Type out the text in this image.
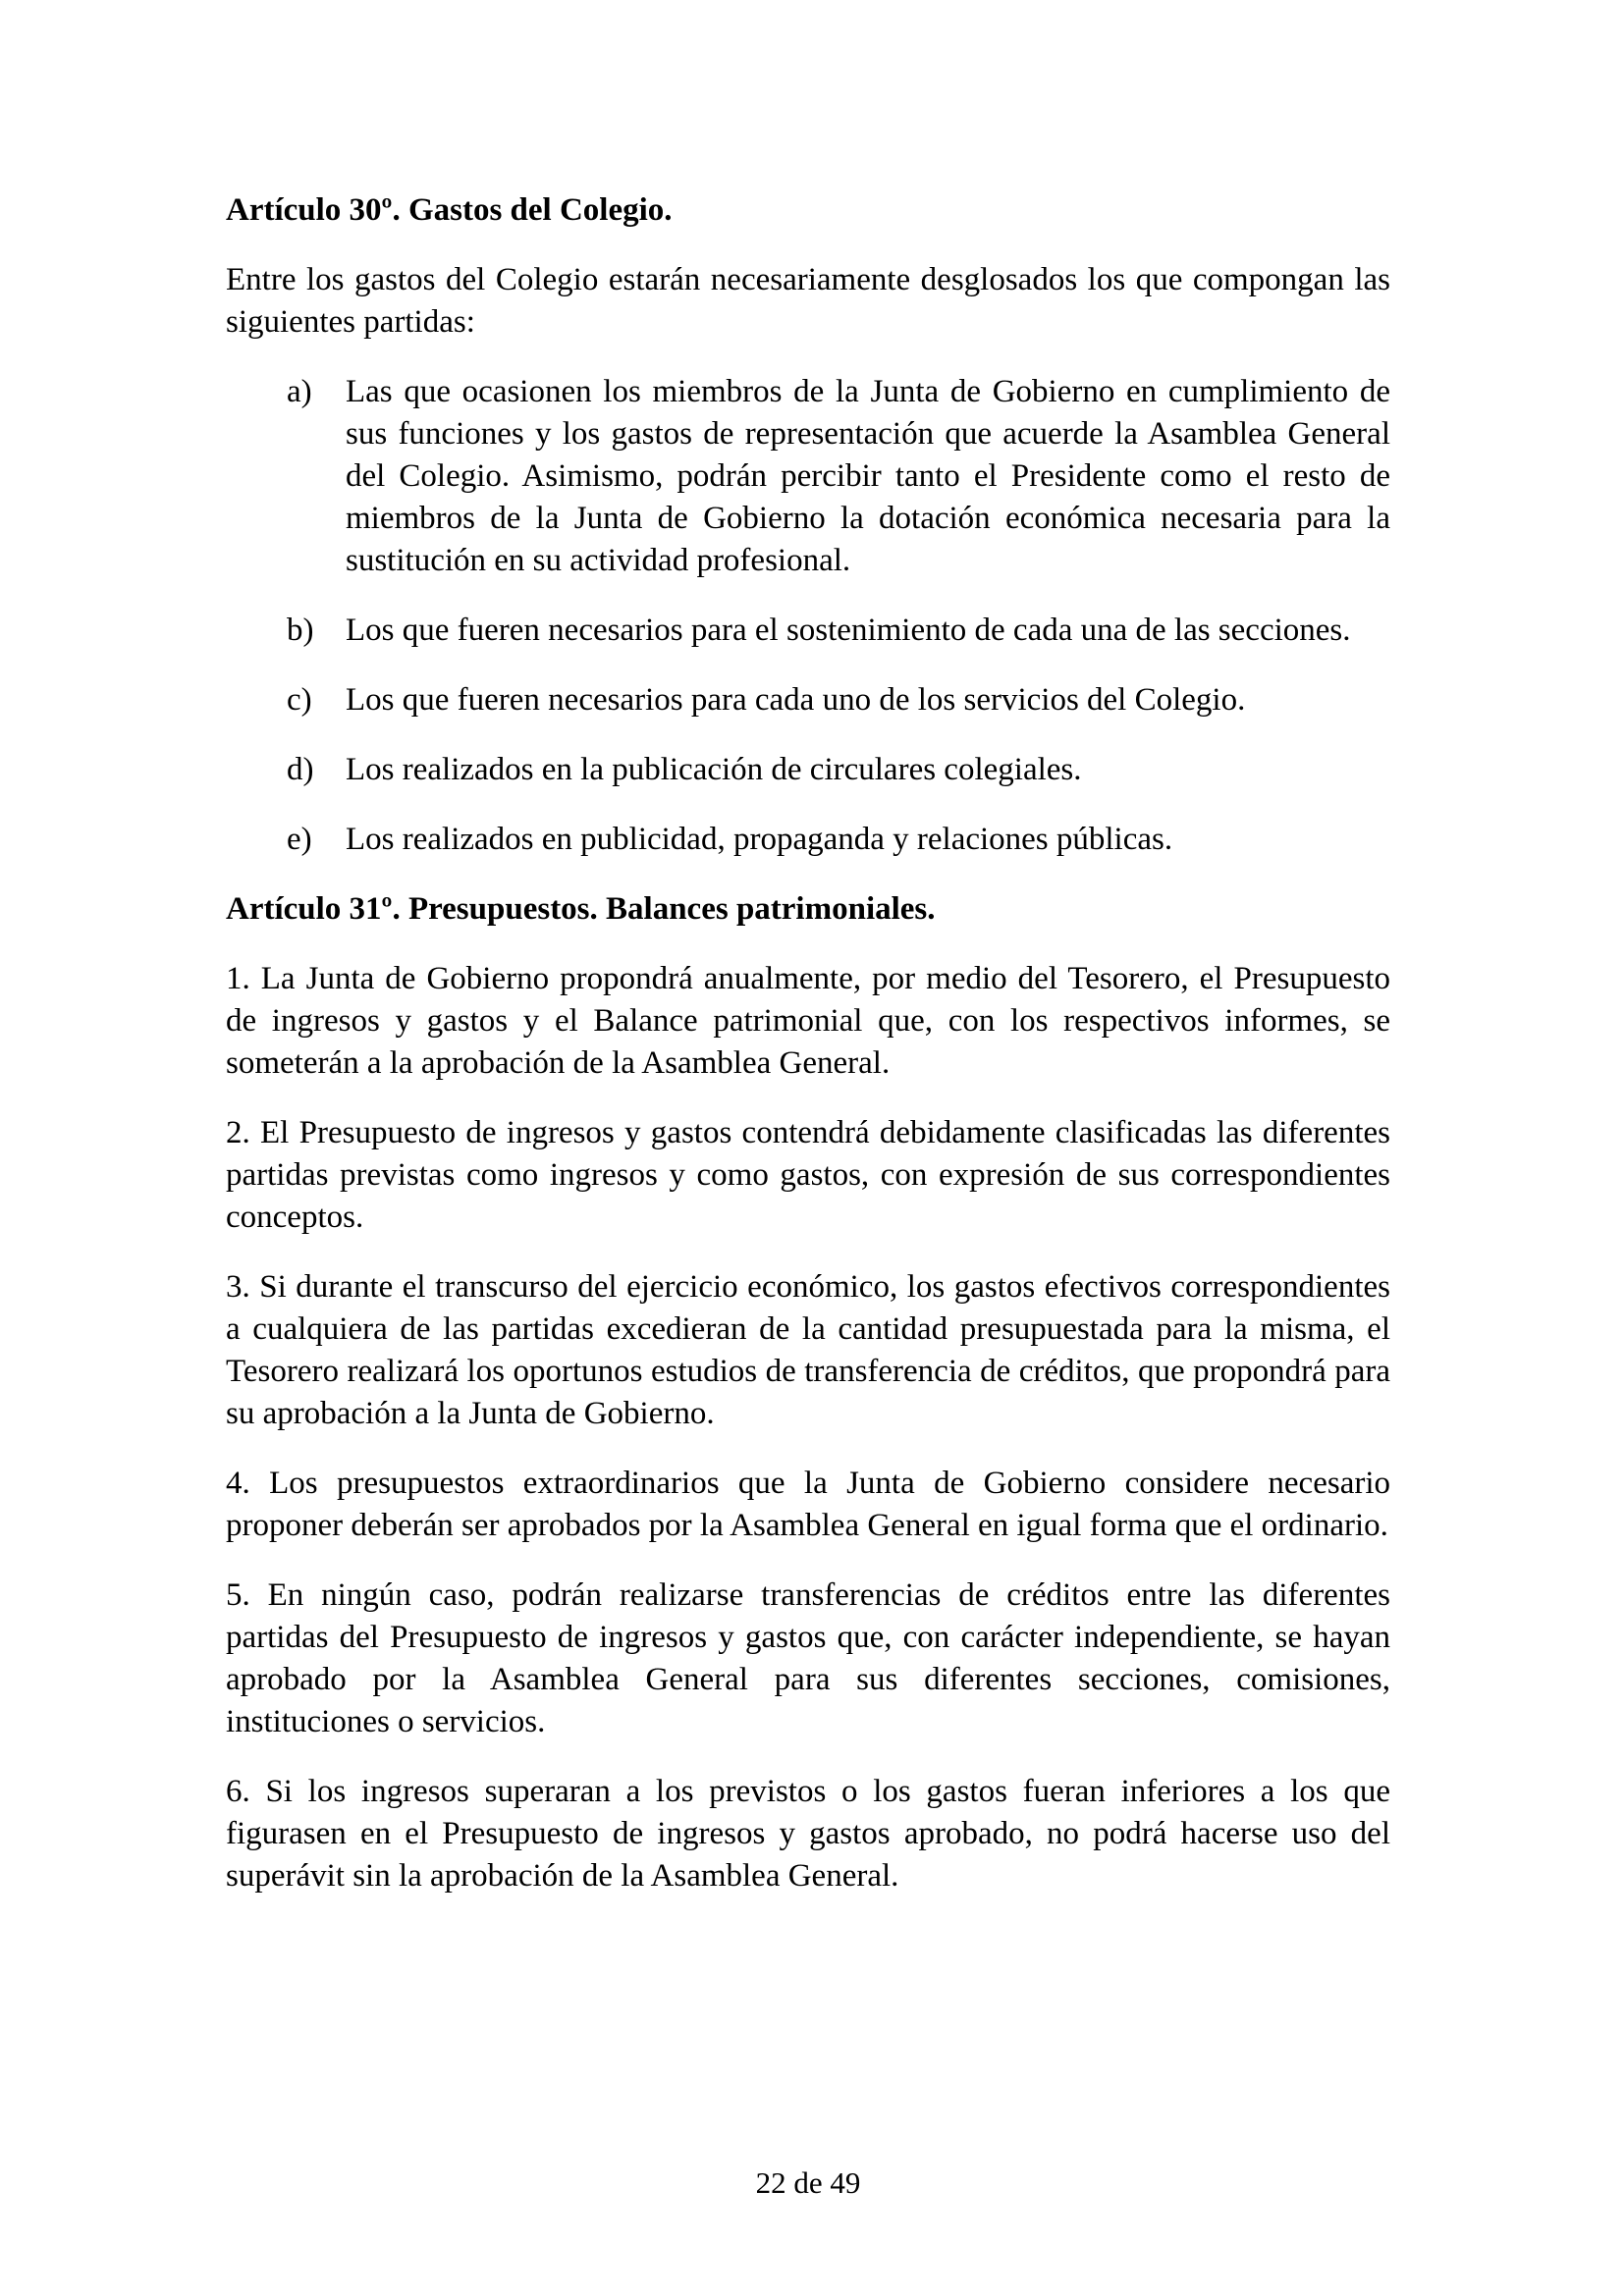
Artículo 30º. Gastos del Colegio.
Entre los gastos del Colegio estarán necesariamente desglosados los que compongan las siguientes partidas:
a) Las que ocasionen los miembros de la Junta de Gobierno en cumplimiento de sus funciones y los gastos de representación que acuerde la Asamblea General del Colegio. Asimismo, podrán percibir tanto el Presidente como el resto de miembros de la Junta de Gobierno la dotación económica necesaria para la sustitución en su actividad profesional.
b) Los que fueren necesarios para el sostenimiento de cada una de las secciones.
c) Los que fueren necesarios para cada uno de los servicios del Colegio.
d) Los realizados en la publicación de circulares colegiales.
e) Los realizados en publicidad, propaganda y relaciones públicas.
Artículo 31º. Presupuestos. Balances patrimoniales.
1. La Junta de Gobierno propondrá anualmente, por medio del Tesorero, el Presupuesto de ingresos y gastos y el Balance patrimonial que, con los respectivos informes, se someterán a la aprobación de la Asamblea General.
2. El Presupuesto de ingresos y gastos contendrá debidamente clasificadas las diferentes partidas previstas como ingresos y como gastos, con expresión de sus correspondientes conceptos.
3. Si durante el transcurso del ejercicio económico, los gastos efectivos correspondientes a cualquiera de las partidas excedieran de la cantidad presupuestada para la misma, el Tesorero realizará los oportunos estudios de transferencia de créditos, que propondrá para su aprobación a la Junta de Gobierno.
4. Los presupuestos extraordinarios que la Junta de Gobierno considere necesario proponer deberán ser aprobados por la Asamblea General en igual forma que el ordinario.
5. En ningún caso, podrán realizarse transferencias de créditos entre las diferentes partidas del Presupuesto de ingresos y gastos que, con carácter independiente, se hayan aprobado por la Asamblea General para sus diferentes secciones, comisiones, instituciones o servicios.
6. Si los ingresos superaran a los previstos o los gastos fueran inferiores a los que figurasen en el Presupuesto de ingresos y gastos aprobado, no podrá hacerse uso del superávit sin la aprobación de la Asamblea General.
22 de 49
